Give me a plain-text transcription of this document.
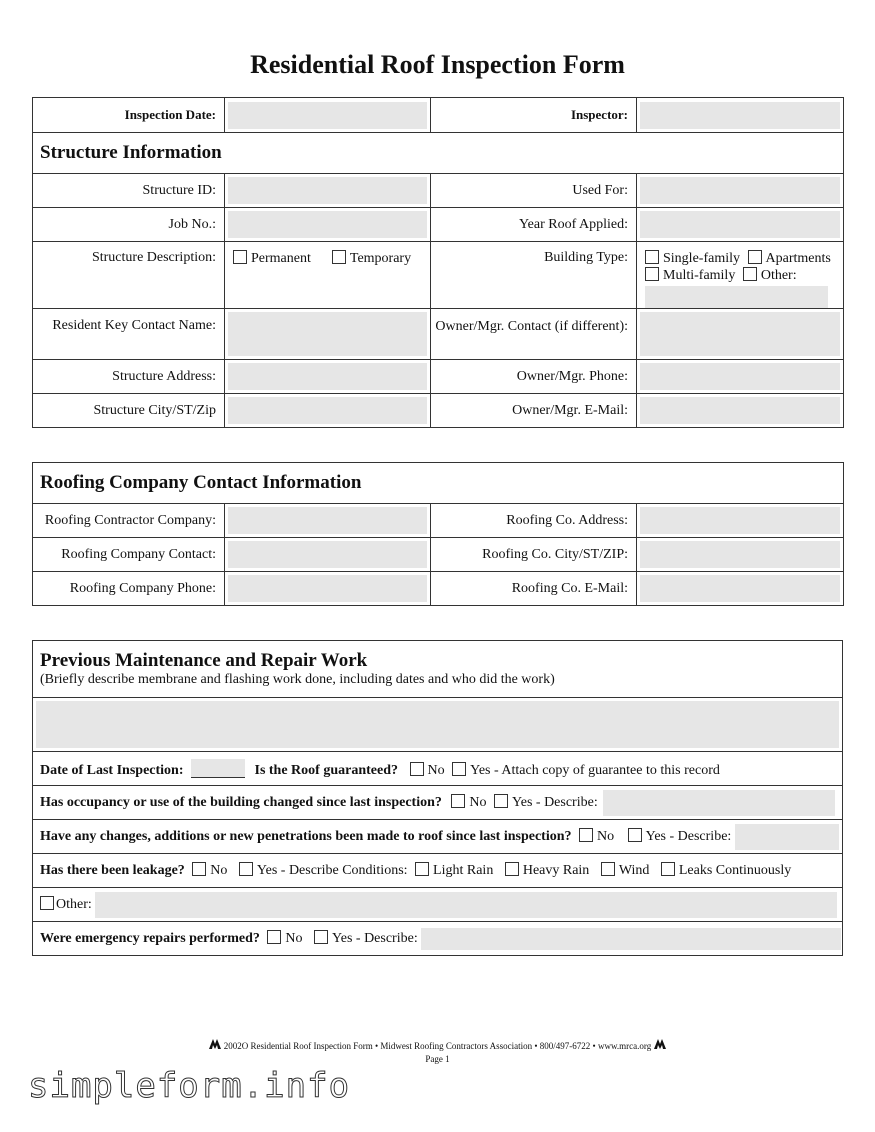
Residential Roof Inspection Form
Inspection Date:		Inspector:	

Structure Information			
Structure ID:		Used For:	

Job No.:		Year Roof Applied:	

Structure Description:	Permanent Temporary	Building Type:	Single-family Apartments
Multi-family Other:

Resident Key Contact Name:		Owner/Mgr. Contact (if different):	

Structure Address:		Owner/Mgr. Phone:	

Structure City/ST/Zip		Owner/Mgr. E-Mail:	
Roofing Company Contact Information			
Roofing Contractor Company:		Roofing Co. Address:	

Roofing Company Contact:		Roofing Co. City/ST/ZIP:	

Roofing Company Phone:		Roofing Co. E-Mail:	
Previous Maintenance and Repair Work
(Briefly describe membrane and flashing work done, including dates and who did the work)

Date of Last Inspection:	Is the Roof guaranteed? No Yes - Attach copy of guarantee to this record
Has occupancy or use of the building changed since last inspection? No Yes - Describe:
Have any changes, additions or new penetrations been made to roof since last inspection? No Yes - Describe:
Has there been leakage? No Yes - Describe Conditions: Light Rain Heavy Rain Wind Leaks Continuously
Other:
Were emergency repairs performed? No Yes - Describe:
2002O Residential Roof Inspection Form • Midwest Roofing Contractors Association • 800/497-6722 • www.mrca.org
Page 1
simpleform.info
